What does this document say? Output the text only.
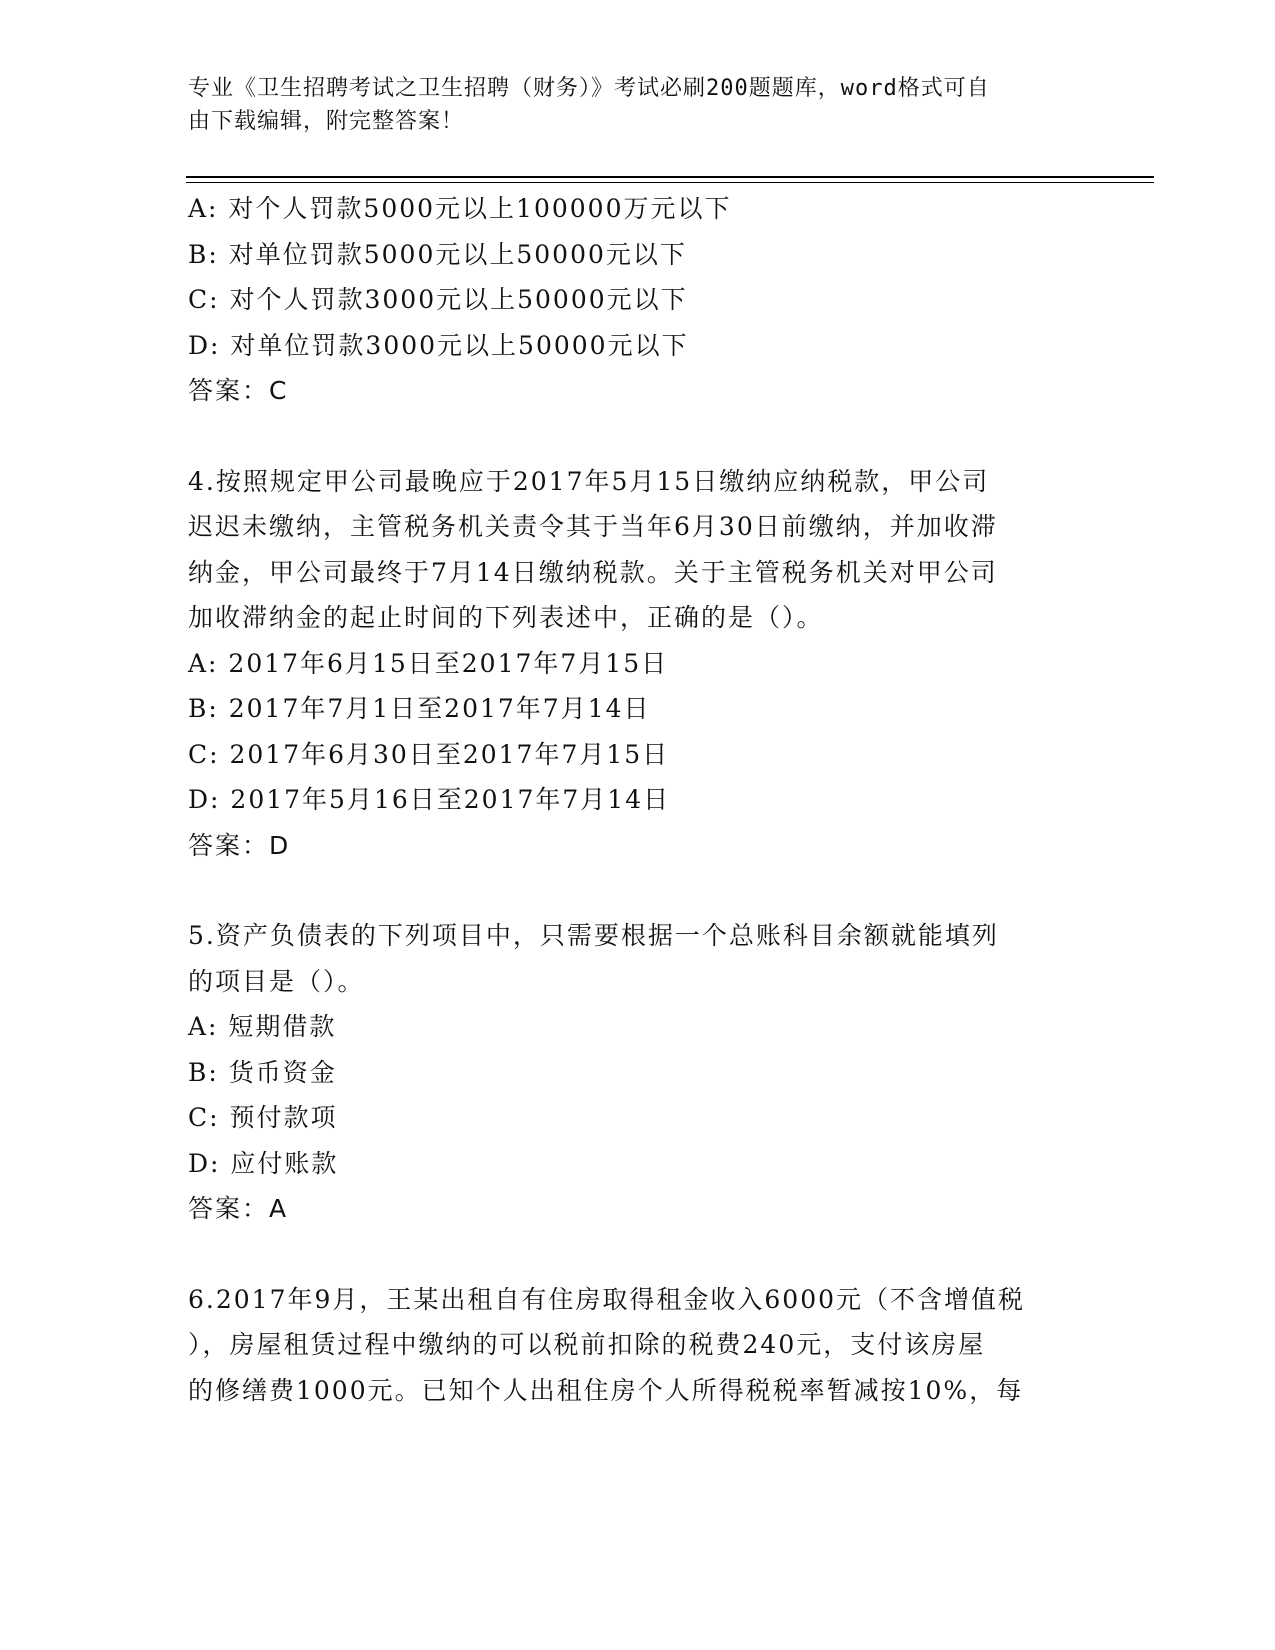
专业《卫生招聘考试之卫生招聘（财务）》考试必刷200题题库，word格式可自
由下载编辑，附完整答案！
A: 对个人罚款5000元以上100000万元以下
B: 对单位罚款5000元以上50000元以下
C: 对个人罚款3000元以上50000元以下
D: 对单位罚款3000元以上50000元以下
答案：C
4.按照规定甲公司最晚应于2017年5月15日缴纳应纳税款，甲公司
迟迟未缴纳，主管税务机关责令其于当年6月30日前缴纳，并加收滞
纳金，甲公司最终于7月14日缴纳税款。关于主管税务机关对甲公司
加收滞纳金的起止时间的下列表述中，正确的是（）。
A: 2017年6月15日至2017年7月15日
B: 2017年7月1日至2017年7月14日
C: 2017年6月30日至2017年7月15日
D: 2017年5月16日至2017年7月14日
答案：D
5.资产负债表的下列项目中，只需要根据一个总账科目余额就能填列
的项目是（）。
A: 短期借款
B: 货币资金
C: 预付款项
D: 应付账款
答案：A
6.2017年9月，王某出租自有住房取得租金收入6000元（不含增值税
），房屋租赁过程中缴纳的可以税前扣除的税费240元，支付该房屋
的修缮费1000元。已知个人出租住房个人所得税税率暂减按10%，每
